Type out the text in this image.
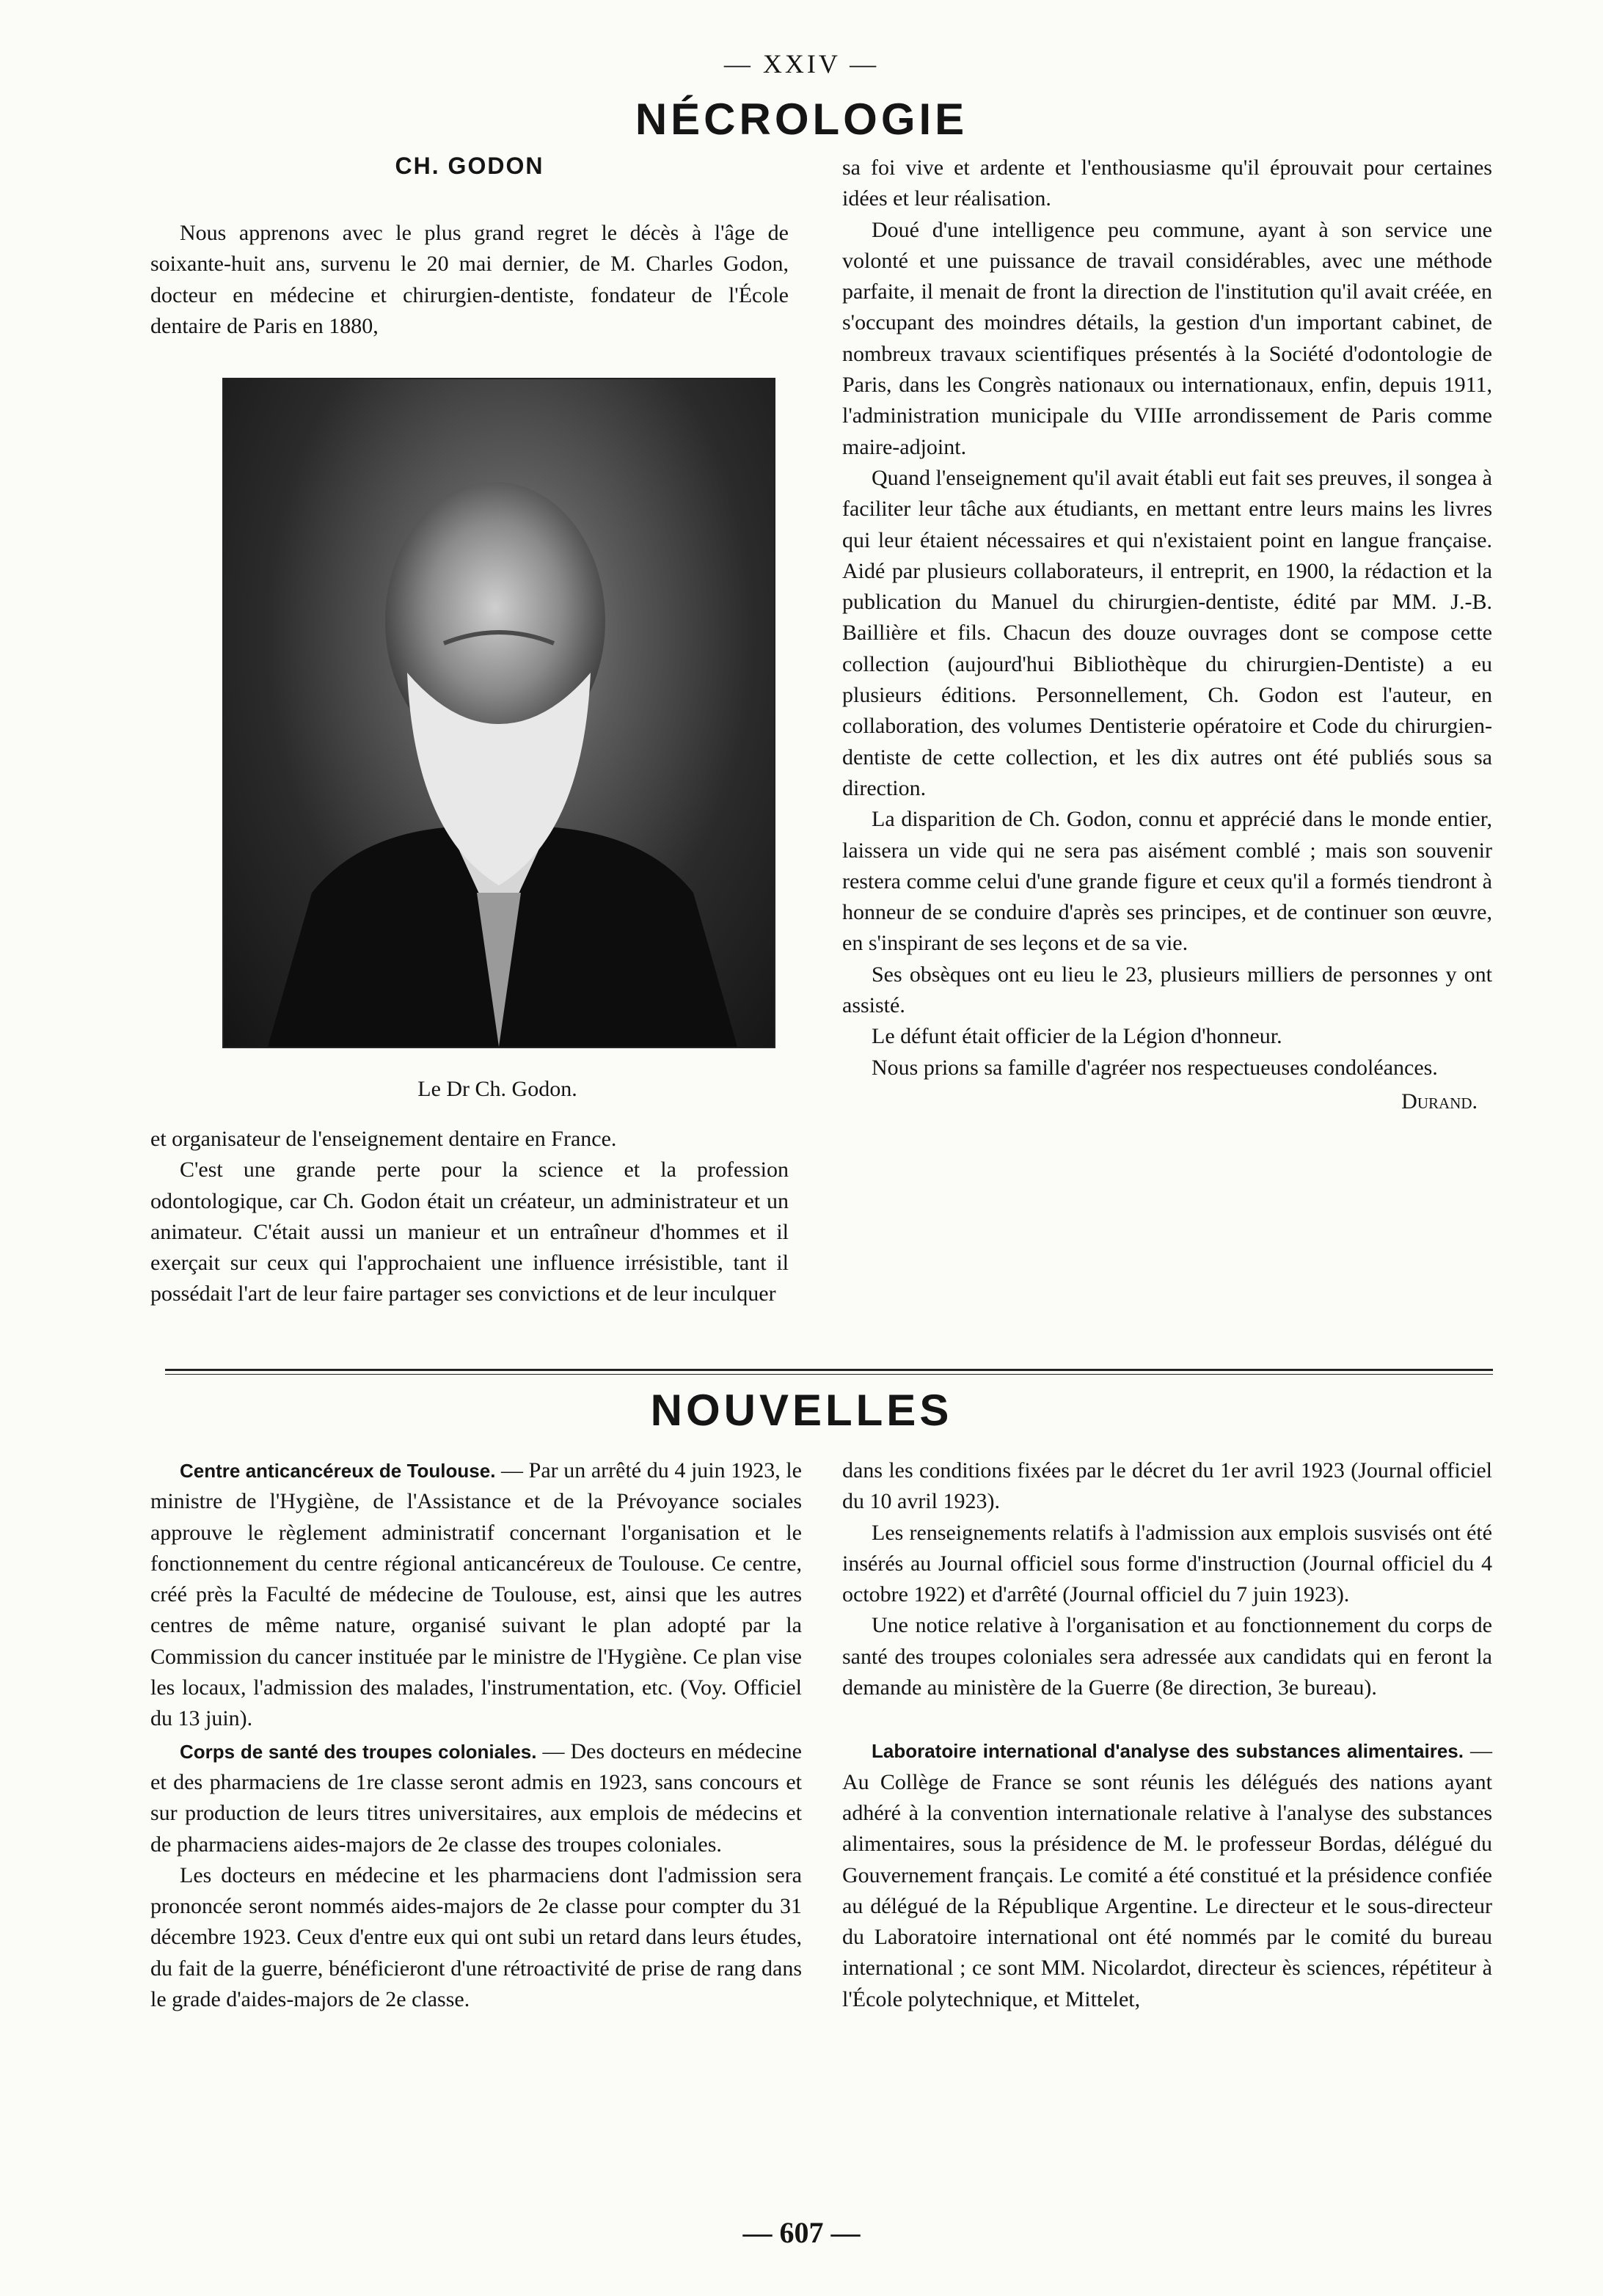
— XXIV —
NÉCROLOGIE
CH. GODON

Nous apprenons avec le plus grand regret le décès à l'âge de soixante-huit ans, survenu le 20 mai dernier, de M. Charles Godon, docteur en médecine et chirurgien-dentiste, fondateur de l'École dentaire de Paris en 1880,

Le Dr Ch. Godon.

et organisateur de l'enseignement dentaire en France.

C'est une grande perte pour la science et la profession odontologique, car Ch. Godon était un créateur, un administrateur et un animateur. C'était aussi un manieur et un entraîneur d'hommes et il exerçait sur ceux qui l'approchaient une influence irrésistible, tant il possédait l'art de leur faire partager ses convictions et de leur inculquer

sa foi vive et ardente et l'enthousiasme qu'il éprouvait pour certaines idées et leur réalisation.

Doué d'une intelligence peu commune, ayant à son service une volonté et une puissance de travail considérables, avec une méthode parfaite, il menait de front la direction de l'institution qu'il avait créée, en s'occupant des moindres détails, la gestion d'un important cabinet, de nombreux travaux scientifiques présentés à la Société d'odontologie de Paris, dans les Congrès nationaux ou internationaux, enfin, depuis 1911, l'administration municipale du VIIIe arrondissement de Paris comme maire-adjoint.

Quand l'enseignement qu'il avait établi eut fait ses preuves, il songea à faciliter leur tâche aux étudiants, en mettant entre leurs mains les livres qui leur étaient nécessaires et qui n'existaient point en langue française. Aidé par plusieurs collaborateurs, il entreprit, en 1900, la rédaction et la publication du Manuel du chirurgien-dentiste, édité par MM. J.-B. Baillière et fils. Chacun des douze ouvrages dont se compose cette collection (aujourd'hui Bibliothèque du chirurgien-Dentiste) a eu plusieurs éditions. Personnellement, Ch. Godon est l'auteur, en collaboration, des volumes Dentisterie opératoire et Code du chirurgien-dentiste de cette collection, et les dix autres ont été publiés sous sa direction.

La disparition de Ch. Godon, connu et apprécié dans le monde entier, laissera un vide qui ne sera pas aisément comblé ; mais son souvenir restera comme celui d'une grande figure et ceux qu'il a formés tiendront à honneur de se conduire d'après ses principes, et de continuer son œuvre, en s'inspirant de ses leçons et de sa vie.

Ses obsèques ont eu lieu le 23, plusieurs milliers de personnes y ont assisté.

Le défunt était officier de la Légion d'honneur.

Nous prions sa famille d'agréer nos respectueuses condoléances.

Durand.

NOUVELLES

Centre anticancéreux de Toulouse. — Par un arrêté du 4 juin 1923, le ministre de l'Hygiène, de l'Assistance et de la Prévoyance sociales approuve le règlement administratif concernant l'organisation et le fonctionnement du centre régional anticancéreux de Toulouse. Ce centre, créé près la Faculté de médecine de Toulouse, est, ainsi que les autres centres de même nature, organisé suivant le plan adopté par la Commission du cancer instituée par le ministre de l'Hygiène. Ce plan vise les locaux, l'admission des malades, l'instrumentation, etc. (Voy. Officiel du 13 juin).

Corps de santé des troupes coloniales. — Des docteurs en médecine et des pharmaciens de 1re classe seront admis en 1923, sans concours et sur production de leurs titres universitaires, aux emplois de médecins et de pharmaciens aides-majors de 2e classe des troupes coloniales.

Les docteurs en médecine et les pharmaciens dont l'admission sera prononcée seront nommés aides-majors de 2e classe pour compter du 31 décembre 1923. Ceux d'entre eux qui ont subi un retard dans leurs études, du fait de la guerre, bénéficieront d'une rétroactivité de prise de rang dans le grade d'aides-majors de 2e classe.

dans les conditions fixées par le décret du 1er avril 1923 (Journal officiel du 10 avril 1923).

Les renseignements relatifs à l'admission aux emplois susvisés ont été insérés au Journal officiel sous forme d'instruction (Journal officiel du 4 octobre 1922) et d'arrêté (Journal officiel du 7 juin 1923).

Une notice relative à l'organisation et au fonctionnement du corps de santé des troupes coloniales sera adressée aux candidats qui en feront la demande au ministère de la Guerre (8e direction, 3e bureau).

Laboratoire international d'analyse des substances alimentaires. — Au Collège de France se sont réunis les délégués des nations ayant adhéré à la convention internationale relative à l'analyse des substances alimentaires, sous la présidence de M. le professeur Bordas, délégué du Gouvernement français. Le comité a été constitué et la présidence confiée au délégué de la République Argentine. Le directeur et le sous-directeur du Laboratoire international ont été nommés par le comité du bureau international ; ce sont MM. Nicolardot, directeur ès sciences, répétiteur à l'École polytechnique, et Mittelet,

— 607 —
